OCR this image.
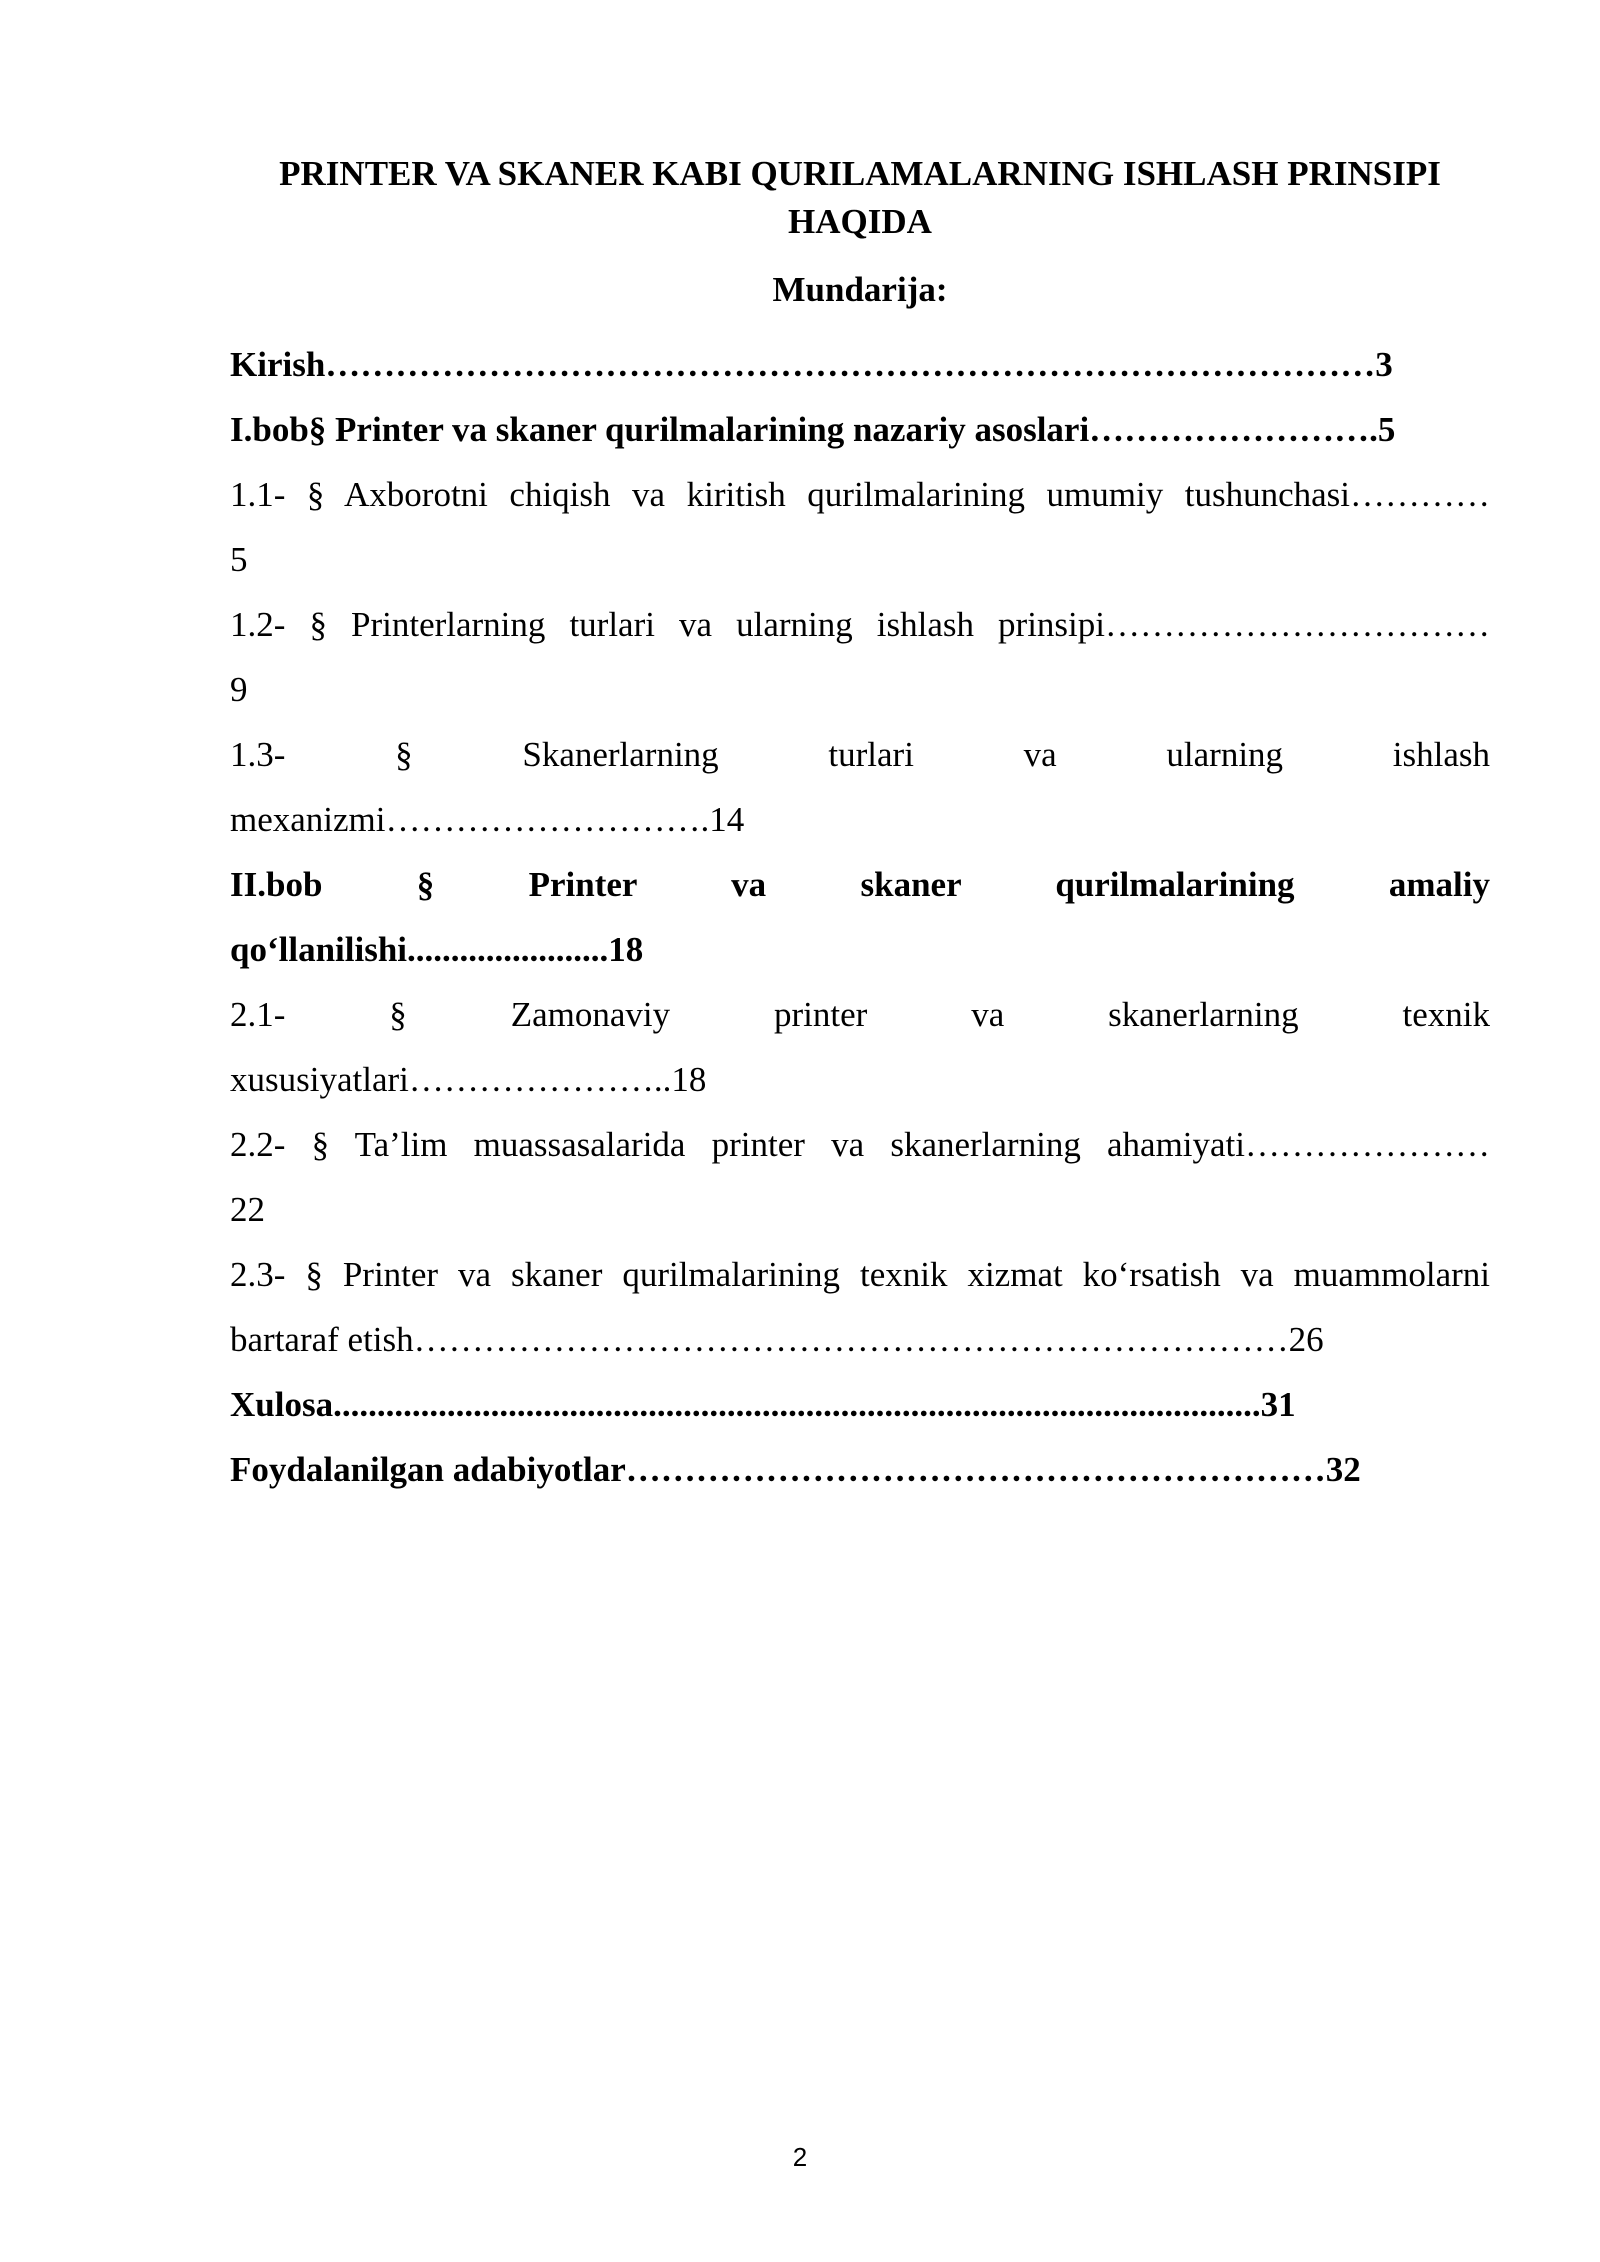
PRINTER VA SKANER KABI QURILAMALARNING ISHLASH PRINSIPI HAQIDA
Mundarija:
Kirish………………………………………………………………………………3
I.bob§ Printer va skaner qurilmalarining nazariy asoslari…………………….5
1.1- § Axborotni chiqish va kiritish qurilmalarining umumiy tushunchasi…………
5
1.2- § Printerlarning turlari va ularning ishlash prinsipi……………………………
9
1.3- § Skanerlarning turlari va ularning ishlash
mexanizmi……………………….14
II.bob § Printer va skaner qurilmalarining amaliy
qo‘llanilishi.......................18
2.1- § Zamonaviy printer va skanerlarning texnik
xususiyatlari…………………..18
2.2- § Ta’lim muassasalarida printer va skanerlarning ahamiyati…………………
22
2.3- § Printer va skaner qurilmalarining texnik xizmat ko‘rsatish va muammolarni
bartaraf etish…………………………………………………………………26
Xulosa..........................................................................................................31
Foydalanilgan adabiyotlar……………………………………………………32
2
